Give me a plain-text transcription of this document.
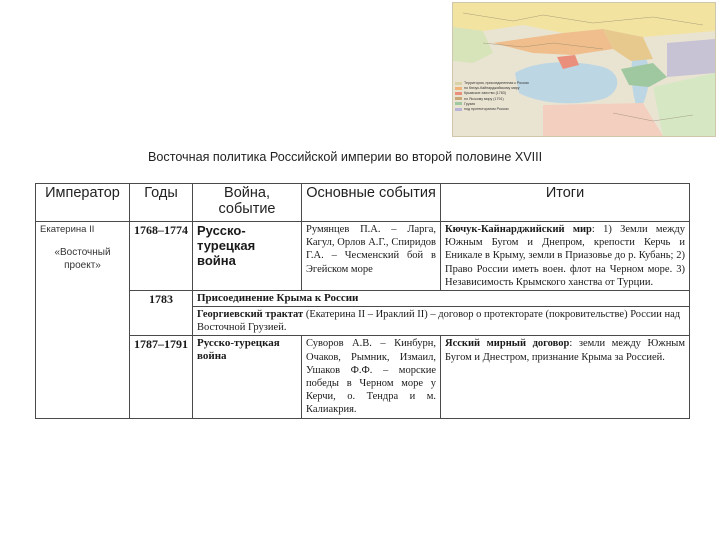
Территория, присоединенная к России
по Кючук-Кайнарджийскому миру
Крымское ханство (1783)
по Ясскому миру (1791)
Грузия
под протекторатом России
Восточная политика Российской империи во второй половине XVIII
Император	Годы	Война, событие	Основные события	Итоги

Екатерина II
«Восточный проект»	1768–1774	Русско-турецкая война	Румянцев П.А. – Ларга, Кагул, Орлов А.Г., Спиридов Г.А. – Чесменский бой в Эгейском море	Кючук-Кайнарджийский мир: 1) Земли между Южным Бугом и Днепром, крепости Керчь и Еникале в Крыму, земли в Приазовье до р. Кубань; 2) Право России иметь воен. флот на Черном море. 3) Независимость Крымского ханства от Турции.
	1783	Присоединение Крыма к России		
		Георгиевский трактат (Екатерина II – Ираклий II) – договор о протекторате (покровительстве) России над Восточной Грузией.		
	1787–1791	Русско-турецкая война	Суворов А.В. – Кинбурн, Очаков, Рымник, Измаил, Ушаков Ф.Ф. – морские победы в Черном море у Керчи, о. Тендра и м. Калиакрия.	Ясский мирный договор: земли между Южным Бугом и Днестром, признание Крыма за Россией.
